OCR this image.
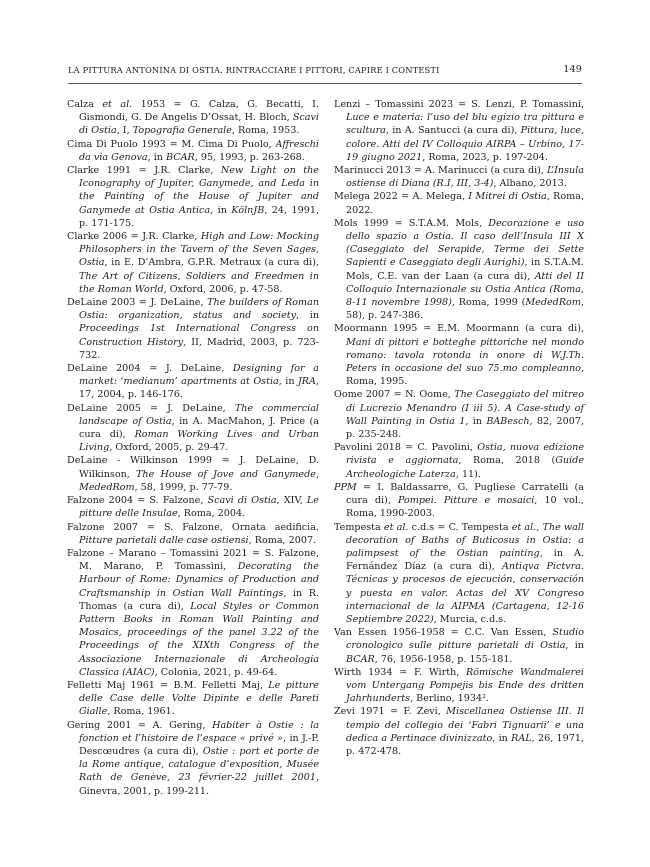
LA PITTURA ANTONINA DI OSTIA. RINTRACCIARE I PITTORI, CAPIRE I CONTESTI	149

Calza et al. 1953 = G. Calza, G. Becatti, I. Gismondi, G. De Angelis D’Ossat, H. Bloch, Scavi di Ostia, I, Topografia Generale, Roma, 1953.

Cima Di Puolo 1993 = M. Cima Di Puolo, Affreschi da via Genova, in BCAR, 95, 1993, p. 263-268.

Clarke 1991 = J.R. Clarke, New Light on the Iconography of Jupiter, Ganymede, and Leda in the Painting of the House of Jupiter and Ganymede at Ostia Antica, in KölnJB, 24, 1991, p. 171-175.

Clarke 2006 = J.R. Clarke, High and Low: Mocking Philosophers in the Tavern of the Seven Sages, Ostia, in E. D’Ambra, G.P.R. Metraux (a cura di), The Art of Citizens, Soldiers and Freedmen in the Roman World, Oxford, 2006, p. 47-58.

DeLaine 2003 = J. DeLaine, The builders of Roman Ostia: organization, status and society, in Proceedings 1st International Congress on Construction History, II, Madrid, 2003, p. 723-732.

DeLaine 2004 = J. DeLaine, Designing for a market: ‘medianum’ apartments at Ostia, in JRA, 17, 2004, p. 146-176.

DeLaine 2005 = J. DeLaine, The commercial landscape of Ostia, in A. MacMahon, J. Price (a cura di), Roman Working Lives and Urban Living, Oxford, 2005, p. 29-47.

DeLaine - Wilkinson 1999 = J. DeLaine, D. Wilkinson, The House of Jove and Ganymede, MededRom, 58, 1999, p. 77-79.

Falzone 2004 = S. Falzone, Scavi di Ostia, XIV, Le pitture delle Insulae, Roma, 2004.

Falzone 2007 = S. Falzone, Ornata aedificia. Pitture parietali dalle case ostiensi, Roma, 2007.

Falzone – Marano – Tomassini 2021 = S. Falzone, M. Marano, P. Tomassini, Decorating the Harbour of Rome: Dynamics of Production and Craftsmanship in Ostian Wall Paintings, in R. Thomas (a cura di), Local Styles or Common Pattern Books in Roman Wall Painting and Mosaics, proceedings of the panel 3.22 of the Proceedings of the XIXth Congress of the Associazione Internazionale di Archeologia Classica (AIAC), Colonia, 2021, p. 49-64.

Felletti Maj 1961 = B.M. Felletti Maj, Le pitture delle Case delle Volte Dipinte e delle Pareti Gialle, Roma, 1961.

Gering 2001 = A. Gering, Habiter à Ostie : la fonction et l’histoire de l’espace « privé », in J.-P. Descœudres (a cura di), Ostie : port et porte de la Rome antique, catalogue d’exposition, Musée Rath de Genève, 23 février-22 juillet 2001, Ginevra, 2001, p. 199-211.

Lenzi – Tomassini 2023 = S. Lenzi, P. Tomassini, Luce e materia: l’uso del blu egizio tra pittura e scultura, in A. Santucci (a cura di), Pittura, luce, colore. Atti del IV Colloquio AIRPA – Urbino, 17-19 giugno 2021, Roma, 2023, p. 197-204.

Marinucci 2013 = A. Marinucci (a cura di), L’Insula ostiense di Diana (R.I, III, 3-4), Albano, 2013.

Melega 2022 = A. Melega, I Mitrei di Ostia, Roma, 2022.

Mols 1999 = S.T.A.M. Mols, Decorazione e uso dello spazio a Ostia. Il caso dell’Insula III X (Caseggiato del Serapide, Terme dei Sette Sapienti e Caseggiato degli Aurighi), in S.T.A.M. Mols, C.E. van der Laan (a cura di), Atti del II Colloquio Internazionale su Ostia Antica (Roma, 8-11 novembre 1998), Roma, 1999 (MededRom, 58), p. 247-386.

Moormann 1995 = E.M. Moormann (a cura di), Mani di pittori e botteghe pittoriche nel mondo romano: tavola rotonda in onore di W.J.Th. Peters in occasione del suo 75.mo compleanno, Roma, 1995.

Oome 2007 = N. Oome, The Caseggiato del mitreo di Lucrezio Menandro (I iii 5). A Case-study of Wall Painting in Ostia 1, in BABesch, 82, 2007, p. 235-248.

Pavolini 2018 = C. Pavolini, Ostia, nuova edizione rivista e aggiornata, Roma, 2018 (Guide Archeologiche Laterza, 11).

PPM = I. Baldassarre, G. Pugliese Carratelli (a cura di), Pompei. Pitture e mosaici, 10 vol., Roma, 1990-2003.

Tempesta et al. c.d.s = C. Tempesta et al., The wall decoration of Baths of Buticosus in Ostia: a palimpsest of the Ostian painting, in A. Fernández Díaz (a cura di), Antiqva Pictvra. Técnicas y procesos de ejecución, conservación y puesta en valor. Actas del XV Congreso internacional de la AIPMA (Cartagena, 12-16 Septiembre 2022), Murcia, c.d.s.

Van Essen 1956-1958 = C.C. Van Essen, Studio cronologico sulle pitture parietali di Ostia, in BCAR, 76, 1956-1958, p. 155-181.

Wirth 1934 = F. Wirth, Römische Wandmalerei vom Untergang Pompejis bis Ende des dritten Jahrhunderts, Berlino, 1934².

Zevi 1971 = F. Zevi, Miscellanea Ostiense III. Il tempio del collegio dei ‘Fabri Tignuarii’ e una dedica a Pertinace divinizzato, in RAL, 26, 1971, p. 472-478.
